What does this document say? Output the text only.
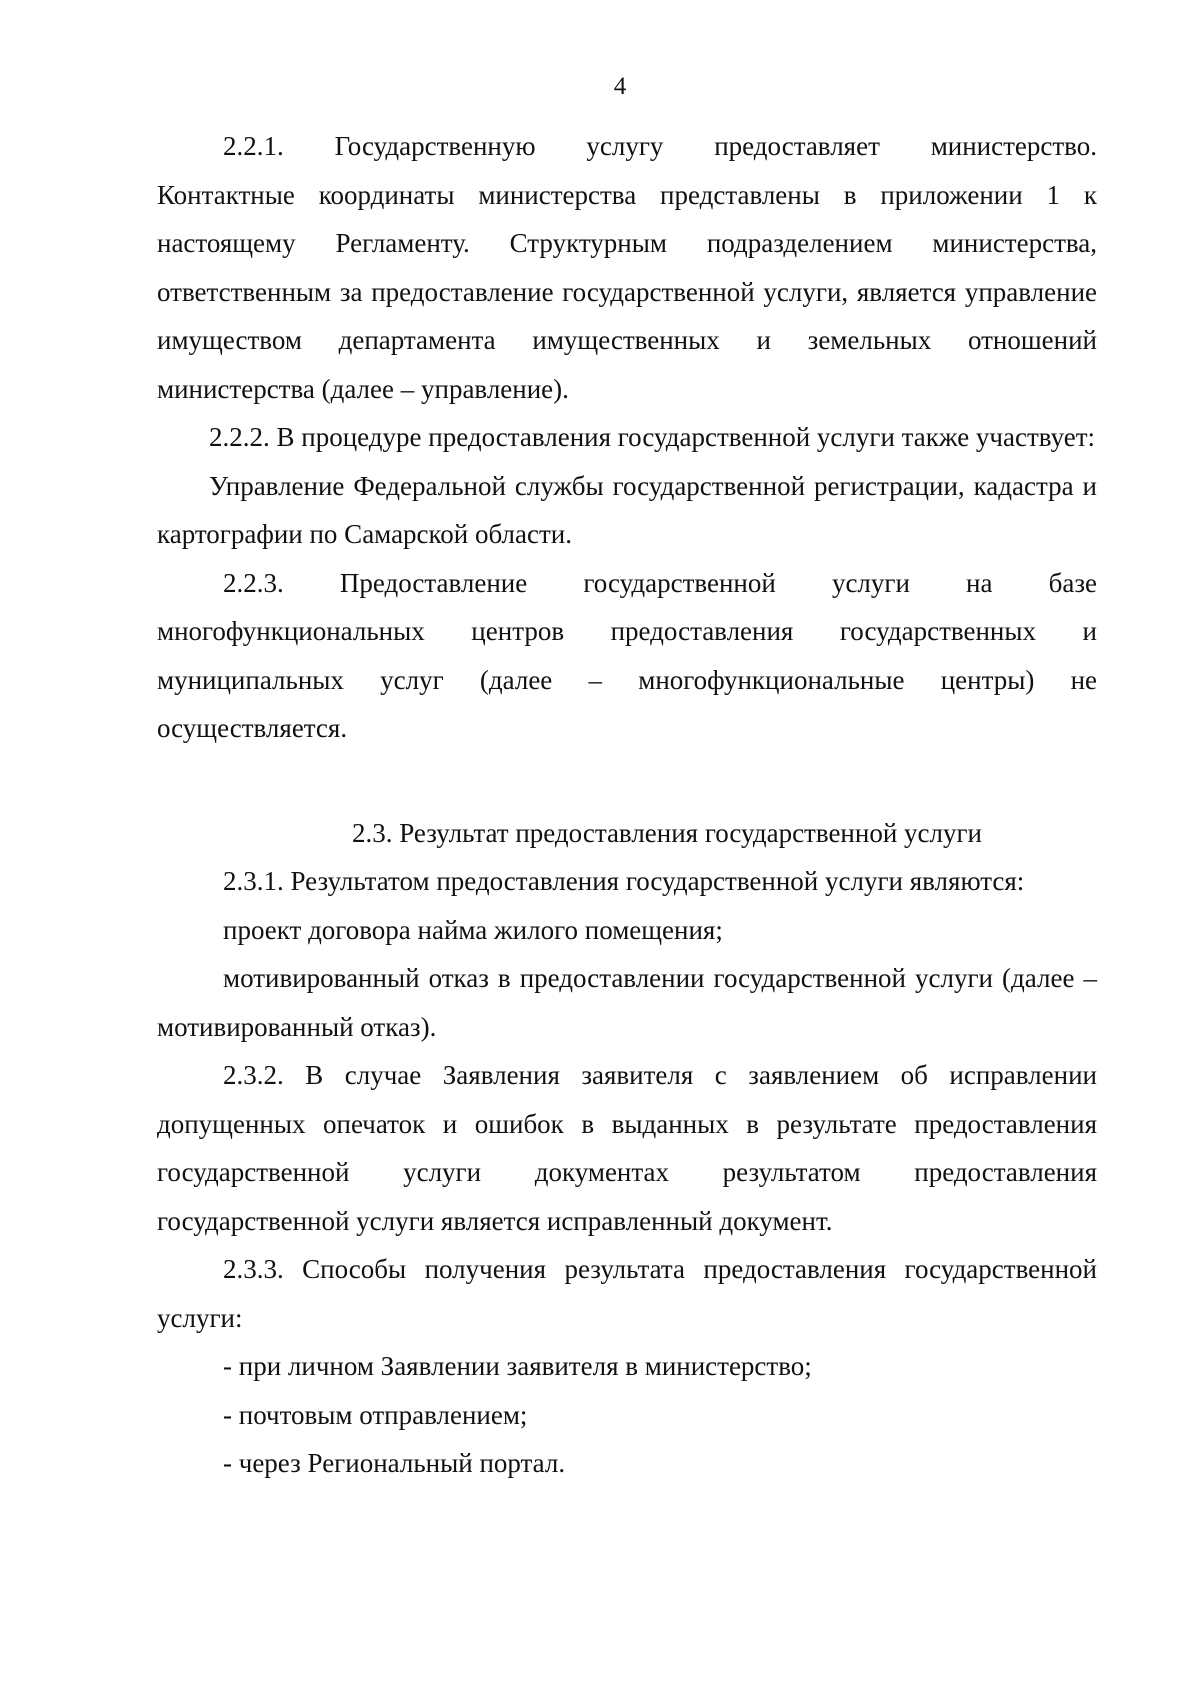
4

2.2.1. Государственную услугу предоставляет министерство.

Контактные координаты министерства представлены в приложении 1 к настоящему Регламенту. Структурным подразделением министерства, ответственным за предоставление государственной услуги, является управление имуществом департамента имущественных и земельных отношений министерства (далее – управление).

2.2.2. В процедуре предоставления государственной услуги также участвует:

Управление Федеральной службы государственной регистрации, кадастра и картографии по Самарской области.

2.2.3. Предоставление государственной услуги на базе

многофункциональных центров предоставления государственных и муниципальных услуг (далее – многофункциональные центры) не осуществляется.

2.3. Результат предоставления государственной услуги

2.3.1. Результатом предоставления государственной услуги являются:

проект договора найма жилого помещения;

мотивированный отказ в предоставлении государственной услуги (далее – мотивированный отказ).

2.3.2. В случае Заявления заявителя с заявлением об исправлении допущенных опечаток и ошибок в выданных в результате предоставления государственной услуги документах результатом предоставления государственной услуги является исправленный документ.

2.3.3. Способы получения результата предоставления государственной услуги:

- при личном Заявлении заявителя в министерство;

- почтовым отправлением;

- через Региональный портал.
